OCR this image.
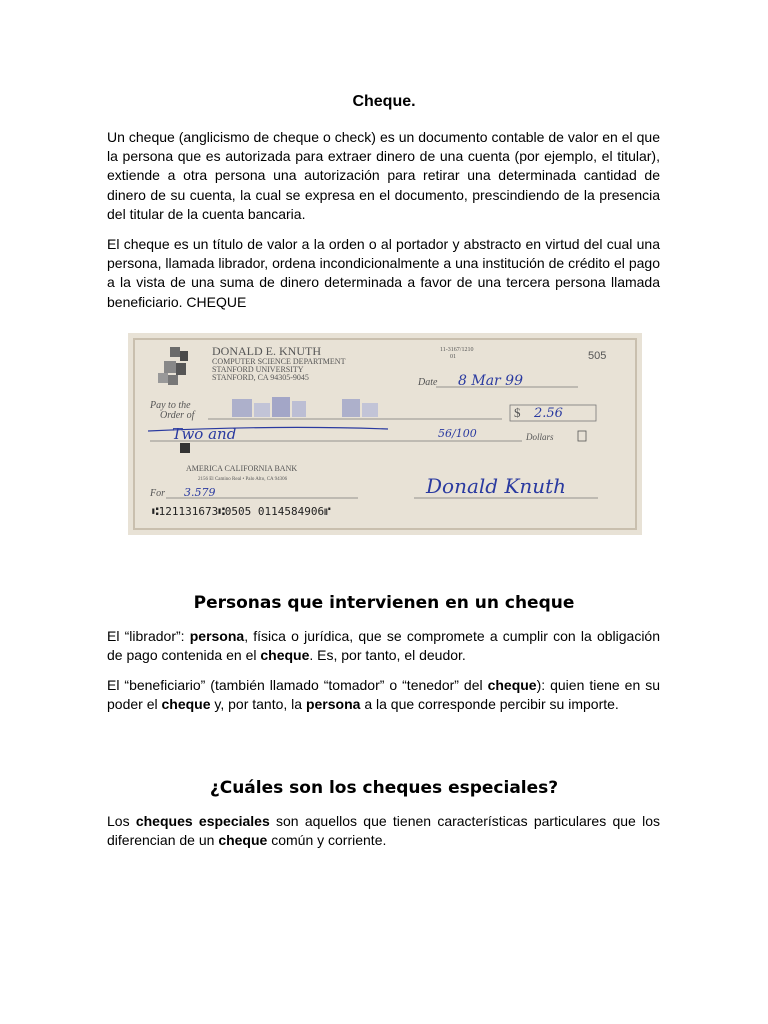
Cheque.

Un cheque (anglicismo de cheque o check) es un documento contable de valor en el que la persona que es autorizada para extraer dinero de una cuenta (por ejemplo, el titular), extiende a otra persona una autorización para retirar una determinada cantidad de dinero de su cuenta, la cual se expresa en el documento, prescindiendo de la presencia del titular de la cuenta bancaria.

El cheque es un título de valor a la orden o al portador y abstracto en virtud del cual una persona, llamada librador, ordena incondicionalmente a una institución de crédito el pago a la vista de una suma de dinero determinada a favor de una tercera persona llamada beneficiario. CHEQUE

DONALD E. KNUTH
COMPUTER SCIENCE DEPARTMENT
STANFORD UNIVERSITY
STANFORD, CA 94305-9045
11-3167/1210
01	505
Date
Pay to the
Order of	$
Dollars
AMERICA CALIFORNIA BANK
2156 El Camino Real • Palo Alto, CA 94306
For
8 Mar 99
2.56
Two and	56/100
3.579	Donald Knuth
⑆121131673⑆0505 0114584906⑈
Personas que intervienen en un cheque

El “librador”: persona, física o jurídica, que se compromete a cumplir con la obligación de pago contenida en el cheque. Es, por tanto, el deudor.

El “beneficiario” (también llamado “tomador” o “tenedor” del cheque): quien tiene en su poder el cheque y, por tanto, la persona a la que corresponde percibir su importe.

¿Cuáles son los cheques especiales?

Los cheques especiales son aquellos que tienen características particulares que los diferencian de un cheque común y corriente.
